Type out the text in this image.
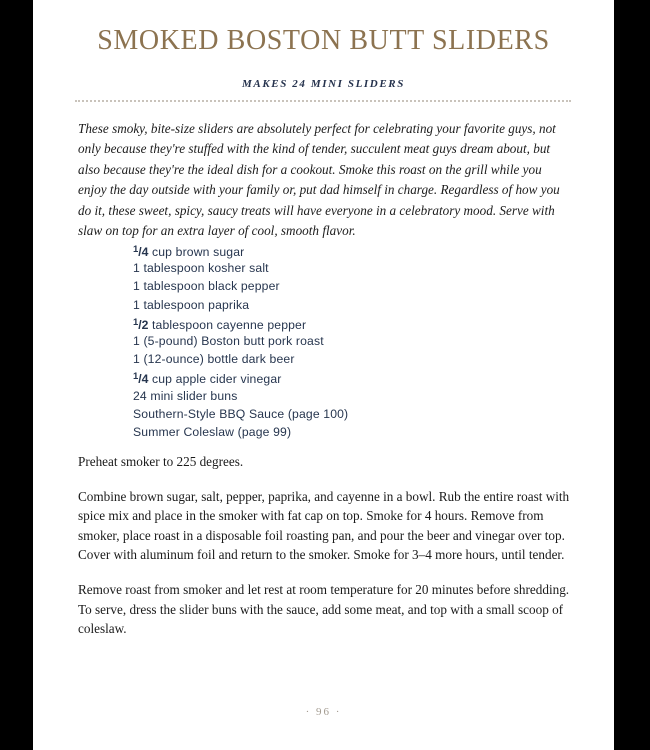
SMOKED BOSTON BUTT SLIDERS
MAKES 24 MINI SLIDERS
These smoky, bite-size sliders are absolutely perfect for celebrating your favorite guys, not only because they're stuffed with the kind of tender, succulent meat guys dream about, but also because they're the ideal dish for a cookout. Smoke this roast on the grill while you enjoy the day outside with your family or, put dad himself in charge. Regardless of how you do it, these sweet, spicy, saucy treats will have everyone in a celebratory mood. Serve with slaw on top for an extra layer of cool, smooth flavor.
$^1$/4 cup brown sugar
1 tablespoon kosher salt
1 tablespoon black pepper
1 tablespoon paprika
$^1$/2 tablespoon cayenne pepper
1 (5-pound) Boston butt pork roast
1 (12-ounce) bottle dark beer
$^1$/4 cup apple cider vinegar
24 mini slider buns
Southern-Style BBQ Sauce (page 100)
Summer Coleslaw (page 99)

Preheat smoker to 225 degrees.

Combine brown sugar, salt, pepper, paprika, and cayenne in a bowl. Rub the entire roast with spice mix and place in the smoker with fat cap on top. Smoke for 4 hours. Remove from smoker, place roast in a disposable foil roasting pan, and pour the beer and vinegar over top. Cover with aluminum foil and return to the smoker. Smoke for 3–4 more hours, until tender.

Remove roast from smoker and let rest at room temperature for 20 minutes before shredding. To serve, dress the slider buns with the sauce, add some meat, and top with a small scoop of coleslaw.

· 96 ·
